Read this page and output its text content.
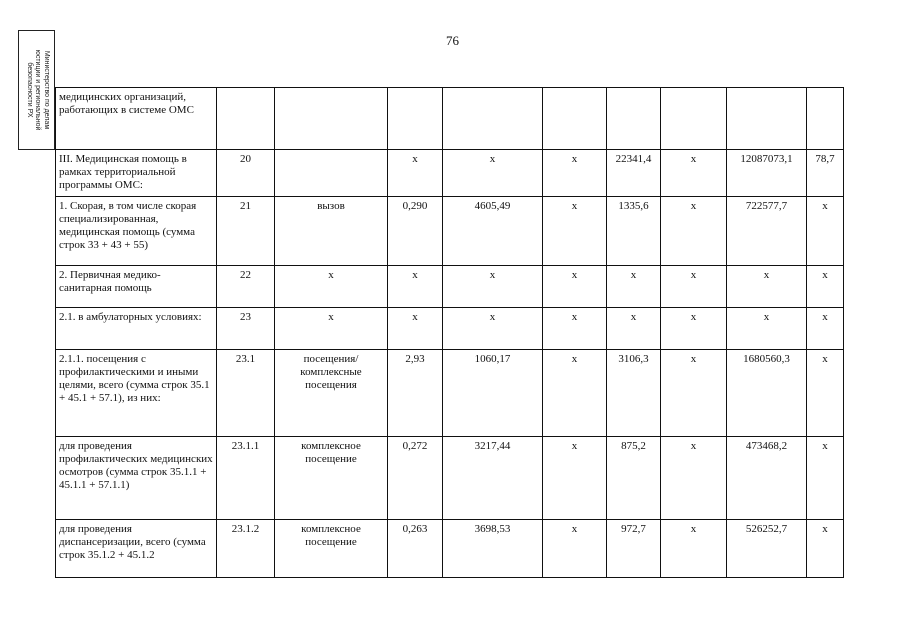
76
Министерство по делам
юстиции и региональной
безопасности РХ медицинских организаций, работающих в системе ОМС									
III. Медицинская помощь в рамках территориальной программы ОМС:	20		х	х	х	22341,4	х	12087073,1	78,7
1. Скорая, в том числе скорая специализированная, медицинская помощь (сумма строк 33 + 43 + 55)	21	вызов	0,290	4605,49	х	1335,6	х	722577,7	х
2. Первичная медико-санитарная помощь	22	х	х	х	х	х	х	х	х
2.1. в амбулаторных условиях:	23	х	х	х	х	х	х	х	х
2.1.1. посещения с профилактическими и иными целями, всего (сумма строк 35.1 + 45.1 + 57.1), из них:	23.1	посещения/ комплексные посещения	2,93	1060,17	х	3106,3	х	1680560,3	х
для проведения профилактических медицинских осмотров (сумма строк 35.1.1 + 45.1.1 + 57.1.1)	23.1.1	комплексное посещение	0,272	3217,44	х	875,2	х	473468,2	х
для проведения диспансеризации, всего (сумма строк 35.1.2 + 45.1.2	23.1.2	комплексное посещение	0,263	3698,53	х	972,7	х	526252,7	х
